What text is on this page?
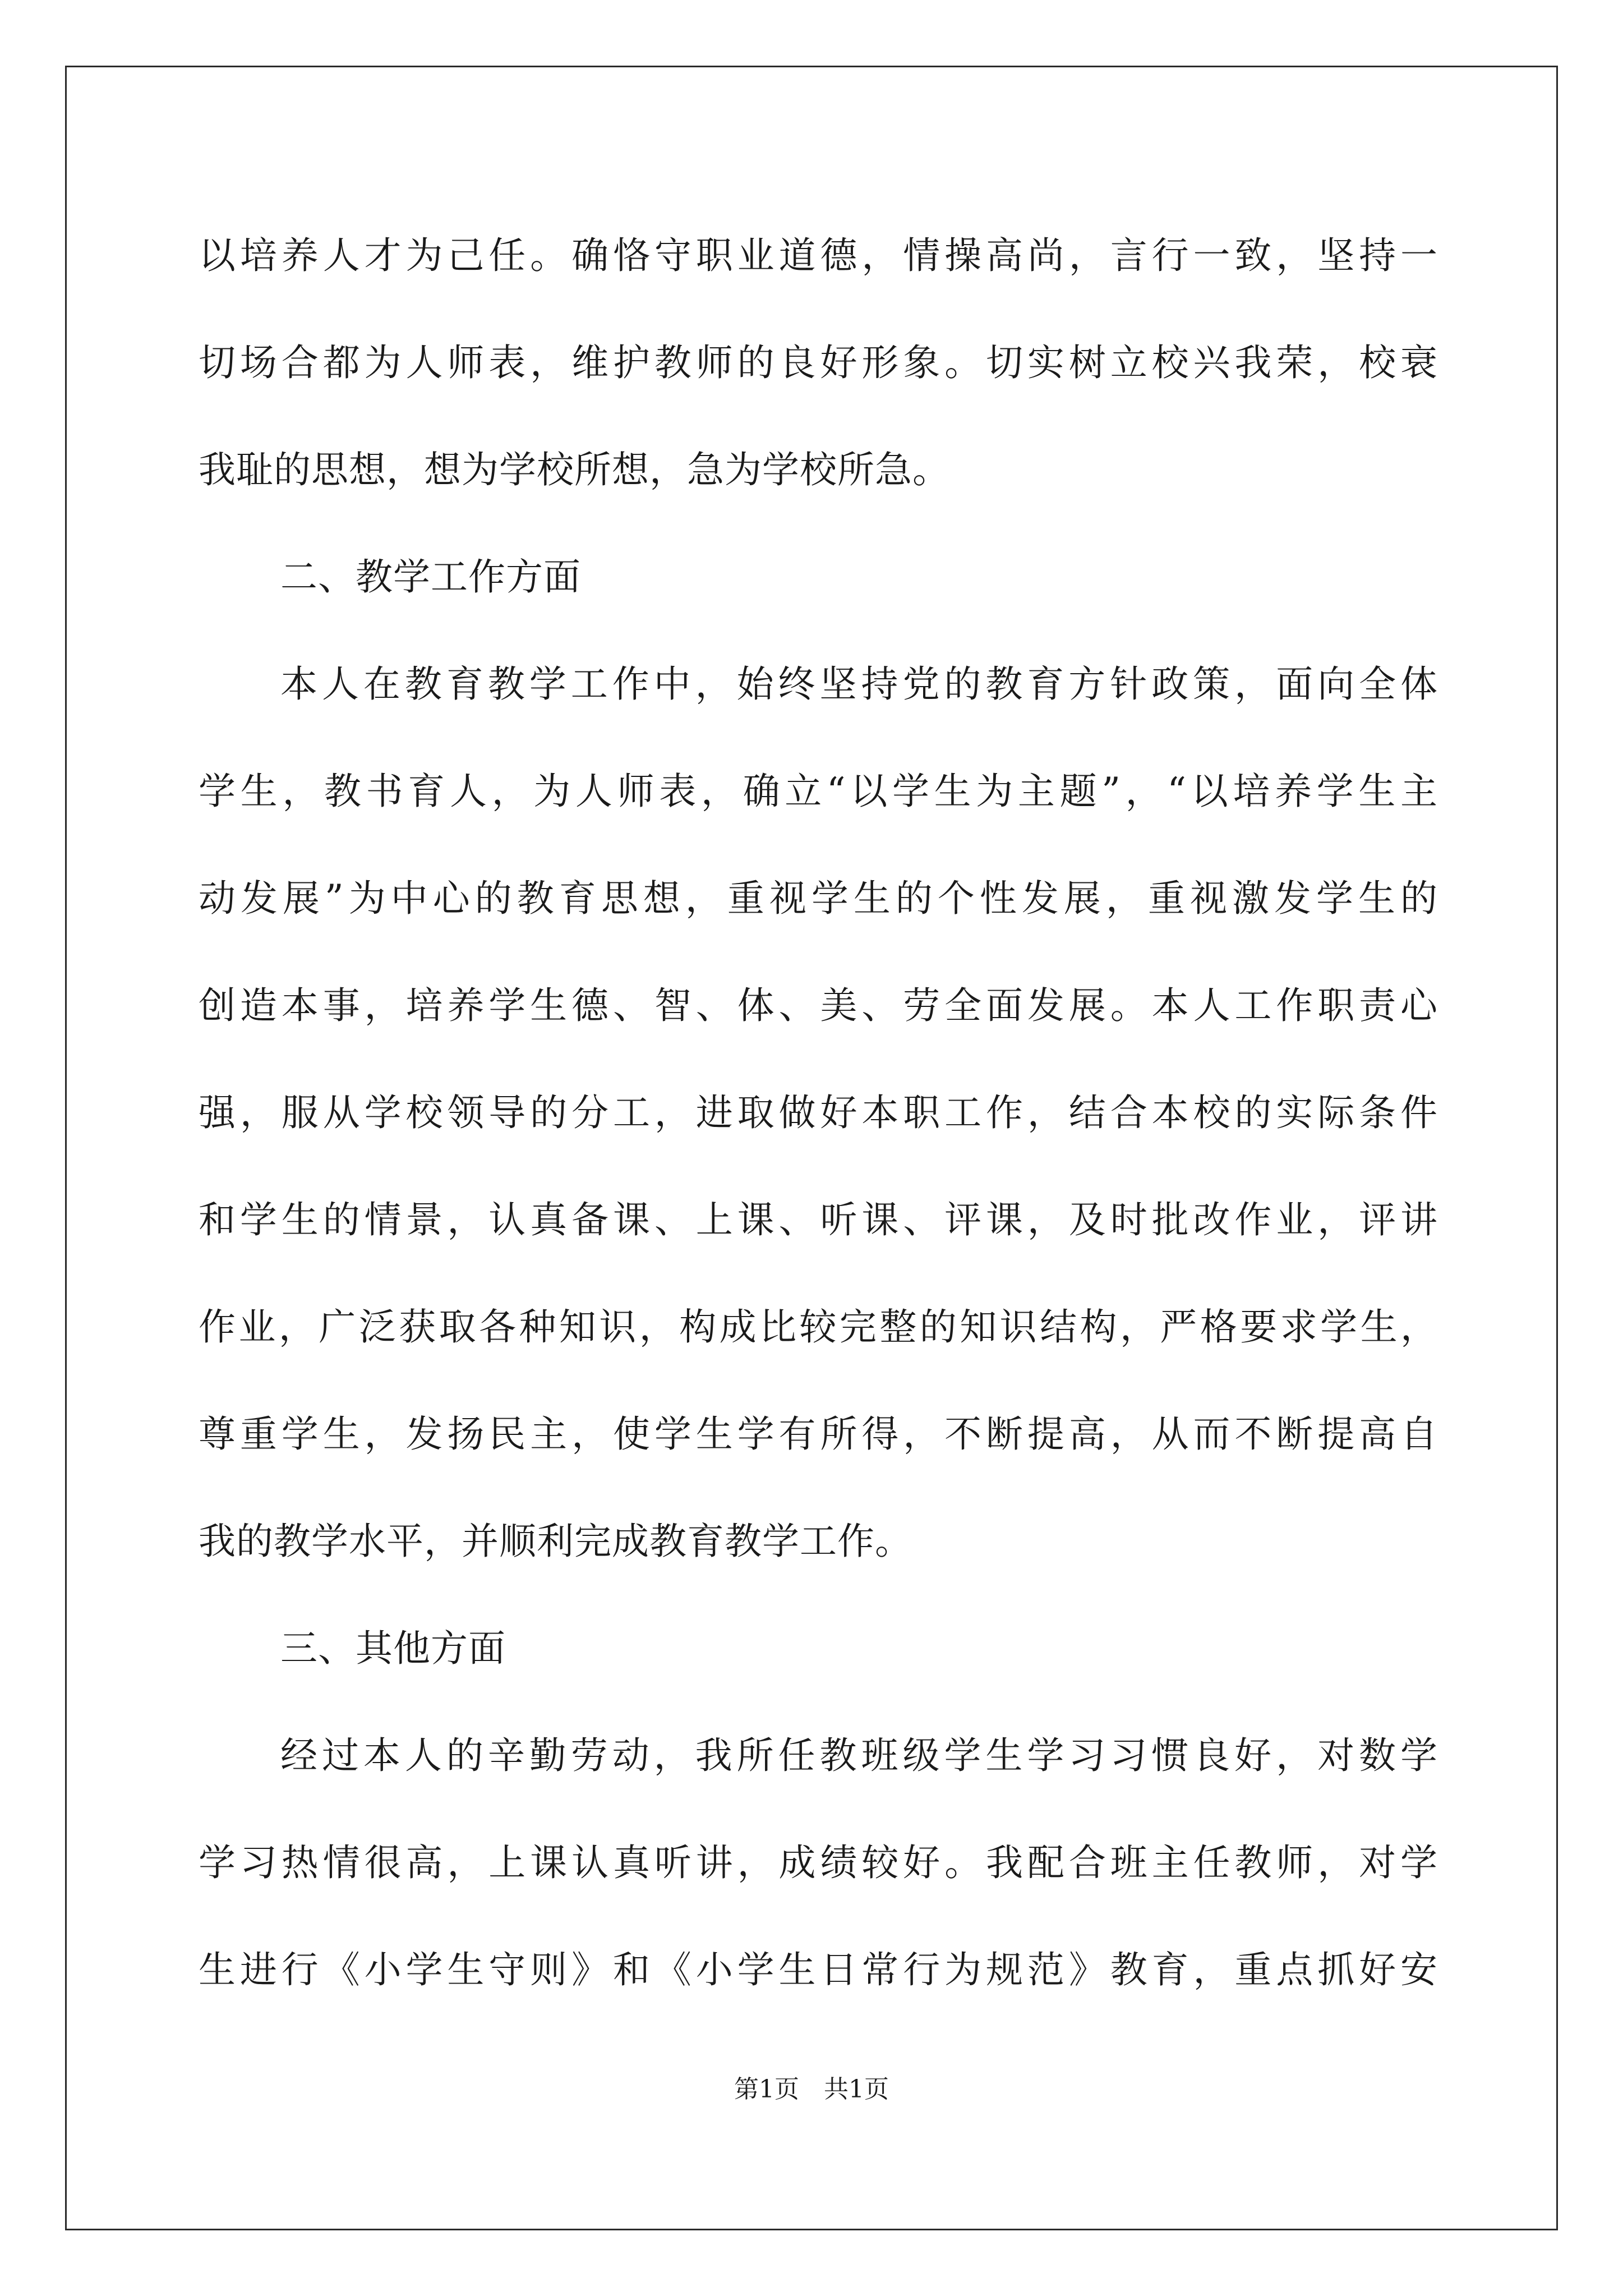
以培养人才为己任。确恪守职业道德，情操高尚，言行一致，坚持一
切场合都为人师表，维护教师的良好形象。切实树立校兴我荣，校衰
我耻的思想，想为学校所想，急为学校所急。
二、教学工作方面
本人在教育教学工作中，始终坚持党的教育方针政策，面向全体
学生，教书育人，为人师表，确立“以学生为主题”，“以培养学生主
动发展”为中心的教育思想，重视学生的个性发展，重视激发学生的
创造本事，培养学生德、智、体、美、劳全面发展。本人工作职责心
强，服从学校领导的分工，进取做好本职工作，结合本校的实际条件
和学生的情景，认真备课、上课、听课、评课，及时批改作业，评讲
作业，广泛获取各种知识，构成比较完整的知识结构，严格要求学生，
尊重学生，发扬民主，使学生学有所得，不断提高，从而不断提高自
我的教学水平，并顺利完成教育教学工作。
三、其他方面
经过本人的辛勤劳动，我所任教班级学生学习习惯良好，对数学
学习热情很高，上课认真听讲，成绩较好。我配合班主任教师，对学
生进行《小学生守则》和《小学生日常行为规范》教育，重点抓好安
第1页　共1页
